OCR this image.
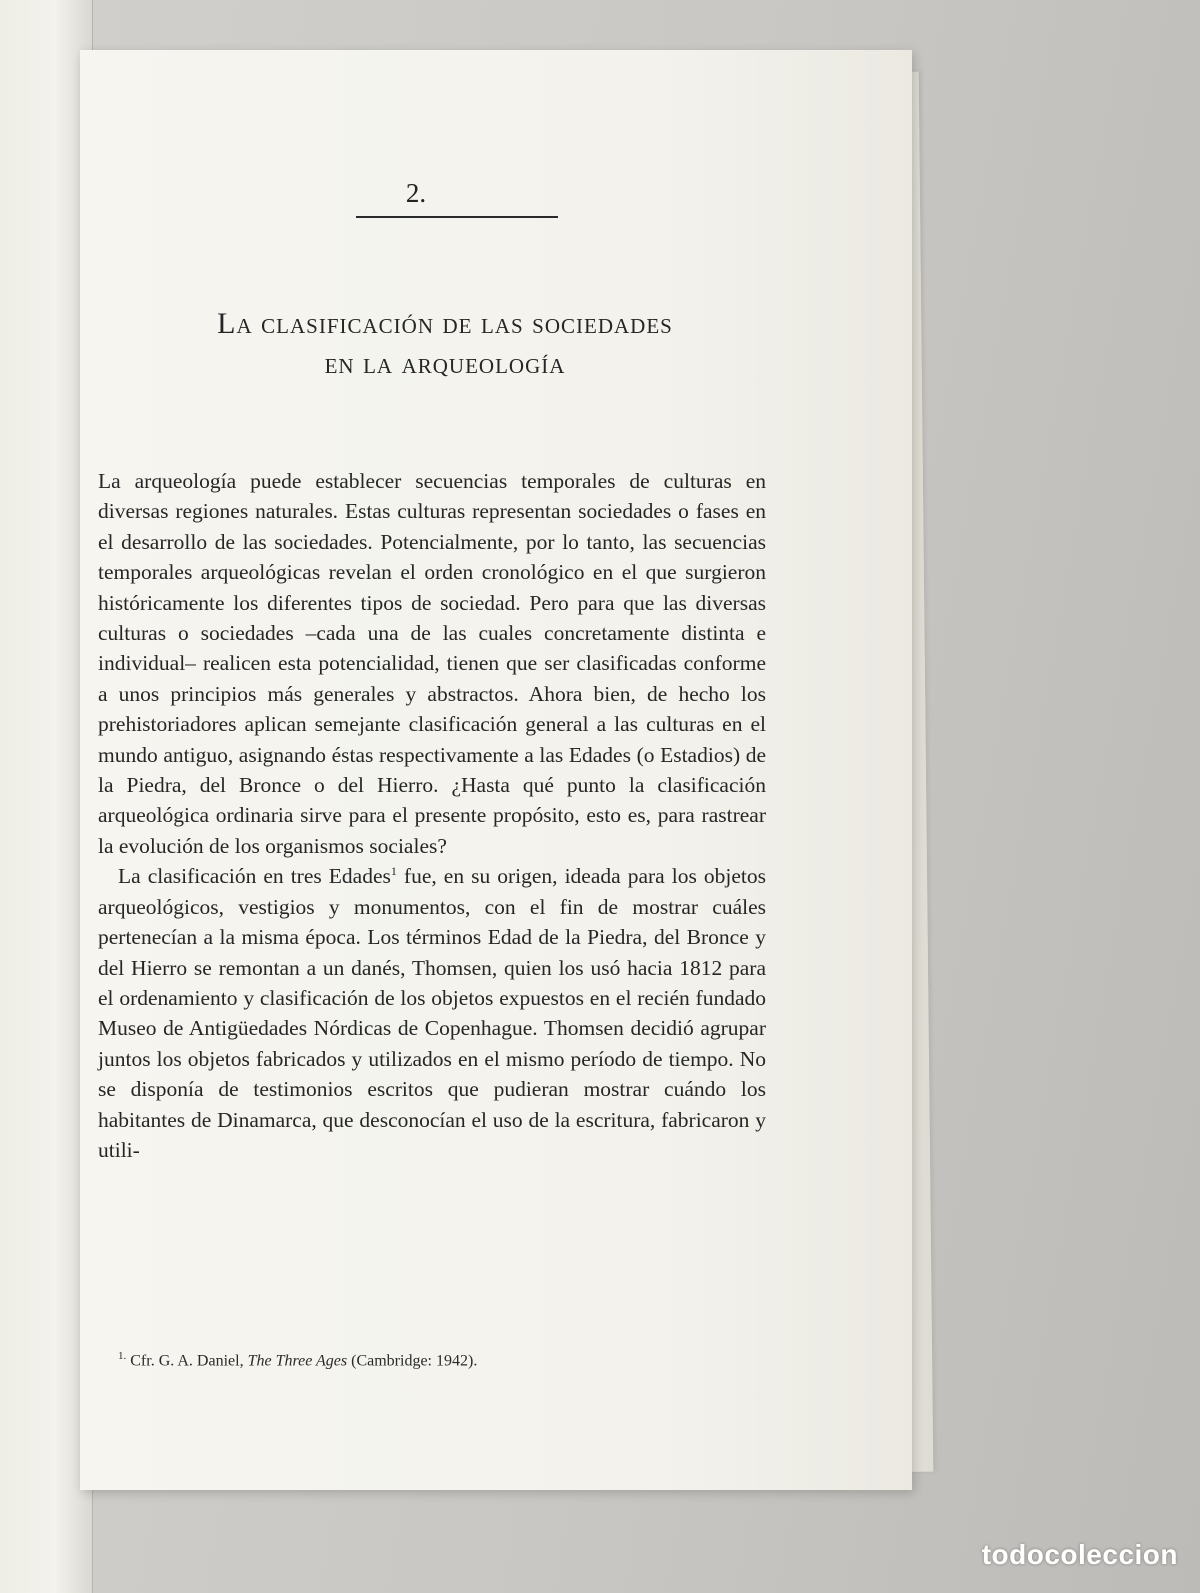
2.
La clasificación de las sociedades
en la arqueología

La arqueología puede establecer secuencias temporales de culturas en diversas regiones naturales. Estas culturas representan sociedades o fases en el desarrollo de las sociedades. Potencialmente, por lo tanto, las secuencias temporales arqueológicas revelan el orden cronológico en el que surgieron históricamente los diferentes tipos de sociedad. Pero para que las diversas culturas o sociedades –cada una de las cuales concretamente distinta e individual– realicen esta potencialidad, tienen que ser clasificadas conforme a unos principios más generales y abstractos. Ahora bien, de hecho los prehistoriadores aplican semejante clasificación general a las culturas en el mundo antiguo, asignando éstas respectivamente a las Edades (o Estadios) de la Piedra, del Bronce o del Hierro. ¿Hasta qué punto la clasificación arqueológica ordinaria sirve para el presente propósito, esto es, para rastrear la evolución de los organismos sociales?

La clasificación en tres Edades$^1$ fue, en su origen, ideada para los objetos arqueológicos, vestigios y monumentos, con el fin de mostrar cuáles pertenecían a la misma época. Los términos Edad de la Piedra, del Bronce y del Hierro se remontan a un danés, Thomsen, quien los usó hacia 1812 para el ordenamiento y clasificación de los objetos expuestos en el recién fundado Museo de Antigüedades Nórdicas de Copenhague. Thomsen decidió agrupar juntos los objetos fabricados y utilizados en el mismo período de tiempo. No se disponía de testimonios escritos que pudieran mostrar cuándo los habitantes de Dinamarca, que desconocían el uso de la escritura, fabricaron y utili-

$^{1.}$ Cfr. G. A. Daniel, The Three Ages (Cambridge: 1942).
todocoleccion
